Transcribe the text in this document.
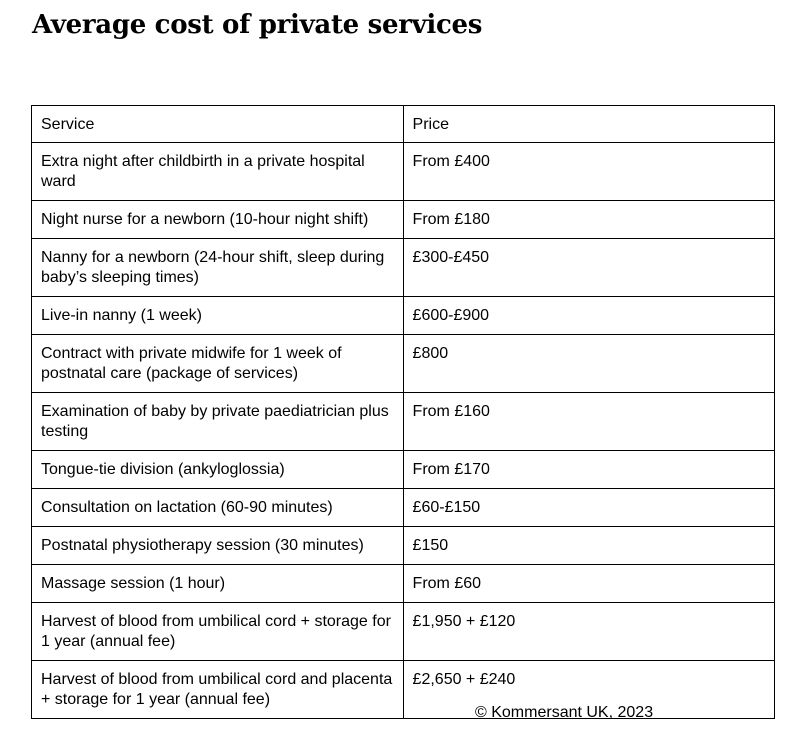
Average cost of private services
Service	Price
Extra night after childbirth in a private hospital ward	From £400
Night nurse for a newborn (10-hour night shift)	From £180
Nanny for a newborn (24-hour shift, sleep during baby’s sleeping times)	£300-£450
Live-in nanny (1 week)	£600-£900
Contract with private midwife for 1 week of postnatal care (package of services)	£800
Examination of baby by private paediatrician plus testing	From £160
Tongue-tie division (ankyloglossia)	From £170
Consultation on lactation (60-90 minutes)	£60-£150
Postnatal physiotherapy session (30 minutes)	£150
Massage session (1 hour)	From £60
Harvest of blood from umbilical cord + storage for 1 year (annual fee)	£1,950 + £120
Harvest of blood from umbilical cord and placenta + storage for 1 year (annual fee)	£2,650 + £240
© Kommersant UK, 2023
